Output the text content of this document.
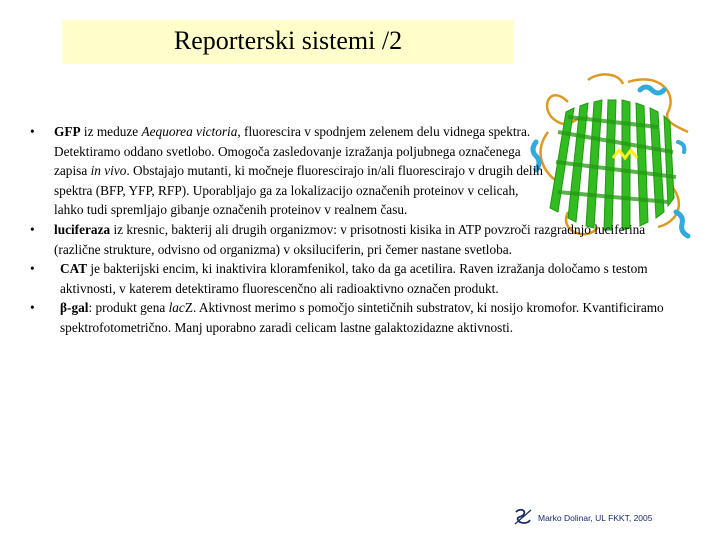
Reporterski sistemi /2
• GFP iz meduze Aequorea victoria, fluorescira v spodnjem zelenem delu vidnega spektra. Detektiramo oddano svetlobo. Omogoča zasledovanje izražanja poljubnega označenega zapisa in vivo. Obstajajo mutanti, ki močneje fluorescirajo in/ali fluorescirajo v drugih delih spektra (BFP, YFP, RFP). Uporabljajo ga za lokalizacijo označenih proteinov v celicah, lahko tudi spremljajo gibanje označenih proteinov v realnem času.
• luciferaza iz kresnic, bakterij ali drugih organizmov: v prisotnosti kisika in ATP povzroči razgradnjo luciferina (različne strukture, odvisno od organizma) v oksiluciferin, pri čemer nastane svetloba.
• CAT je bakterijski encim, ki inaktivira kloramfenikol, tako da ga acetilira. Raven izražanja določamo s testom aktivnosti, v katerem detektiramo fluorescenčno ali radioaktivno označen produkt.
• β-gal: produkt gena lacZ. Aktivnost merimo s pomočjo sintetičnih substratov, ki nosijo kromofor. Kvantificiramo spektrofotometrično. Manj uporabno zaradi celicam lastne galaktozidazne aktivnosti.
Marko Dolinar, UL FKKT, 2005
